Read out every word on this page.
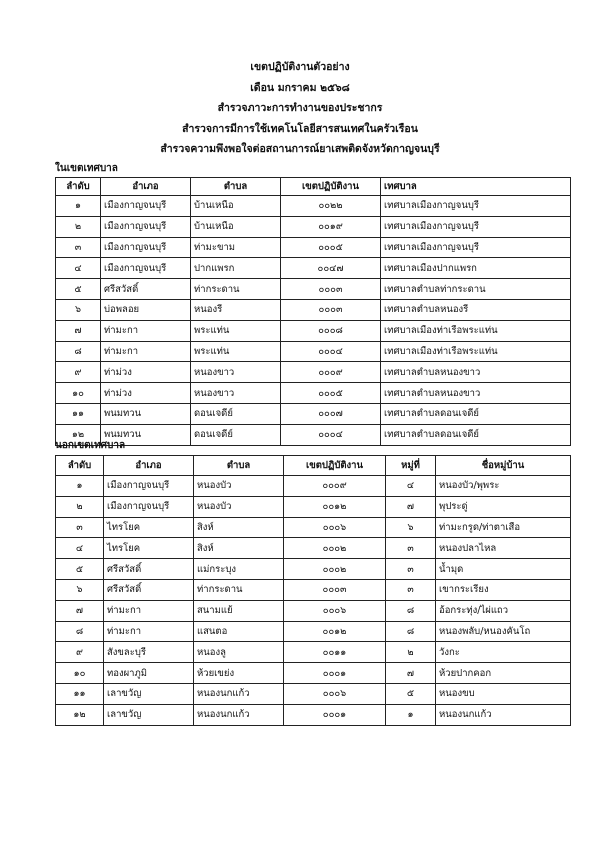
เขตปฏิบัติงานตัวอย่าง
เดือน มกราคม ๒๕๖๘
สำรวจภาวะการทำงานของประชากร
สำรวจการมีการใช้เทคโนโลยีสารสนเทศในครัวเรือน
สำรวจความพึงพอใจต่อสถานการณ์ยาเสพติดจังหวัดกาญจนบุรี
ในเขตเทศบาล
ลำดับ	อำเภอ	ตำบล	เขตปฏิบัติงาน	เทศบาล
๑	เมืองกาญจนบุรี	บ้านเหนือ	๐๐๒๒	เทศบาลเมืองกาญจนบุรี
๒	เมืองกาญจนบุรี	บ้านเหนือ	๐๐๑๙	เทศบาลเมืองกาญจนบุรี
๓	เมืองกาญจนบุรี	ท่ามะขาม	๐๐๐๕	เทศบาลเมืองกาญจนบุรี
๔	เมืองกาญจนบุรี	ปากแพรก	๐๐๔๗	เทศบาลเมืองปากแพรก
๕	ศรีสวัสดิ์	ท่ากระดาน	๐๐๐๓	เทศบาลตำบลท่ากระดาน
๖	บ่อพลอย	หนองรี	๐๐๐๓	เทศบาลตำบลหนองรี
๗	ท่ามะกา	พระแท่น	๐๐๐๘	เทศบาลเมืองท่าเรือพระแท่น
๘	ท่ามะกา	พระแท่น	๐๐๐๔	เทศบาลเมืองท่าเรือพระแท่น
๙	ท่าม่วง	หนองขาว	๐๐๐๙	เทศบาลตำบลหนองขาว
๑๐	ท่าม่วง	หนองขาว	๐๐๐๕	เทศบาลตำบลหนองขาว
๑๑	พนมทวน	ดอนเจดีย์	๐๐๐๗	เทศบาลตำบลดอนเจดีย์
๑๒	พนมทวน	ดอนเจดีย์	๐๐๐๔	เทศบาลตำบลดอนเจดีย์
นอกเขตเทศบาล
ลำดับ	อำเภอ	ตำบล	เขตปฏิบัติงาน	หมู่ที่	ชื่อหมู่บ้าน
๑	เมืองกาญจนบุรี	หนองบัว	๐๐๐๙	๔	หนองบัว/พุพระ
๒	เมืองกาญจนบุรี	หนองบัว	๐๐๑๒	๗	พุประดู่
๓	ไทรโยค	สิงห์	๐๐๐๖	๖	ท่ามะกรูด/ท่าตาเสือ
๔	ไทรโยค	สิงห์	๐๐๐๒	๓	หนองปลาไหล
๕	ศรีสวัสดิ์	แม่กระบุง	๐๐๐๒	๓	น้ำมุด
๖	ศรีสวัสดิ์	ท่ากระดาน	๐๐๐๓	๓	เขากระเรียง
๗	ท่ามะกา	สนามแย้	๐๐๐๖	๘	อ้อกระทุ่ง/ไผ่แถว
๘	ท่ามะกา	แสนตอ	๐๐๑๒	๘	หนองพลับ/หนองคันโถ
๙	สังขละบุรี	หนองลู	๐๐๑๑	๒	วังกะ
๑๐	ทองผาภูมิ	ห้วยเขย่ง	๐๐๐๑	๗	ห้วยปากคอก
๑๑	เลาขวัญ	หนองนกแก้ว	๐๐๐๖	๕	หนองขบ
๑๒	เลาขวัญ	หนองนกแก้ว	๐๐๐๑	๑	หนองนกแก้ว
